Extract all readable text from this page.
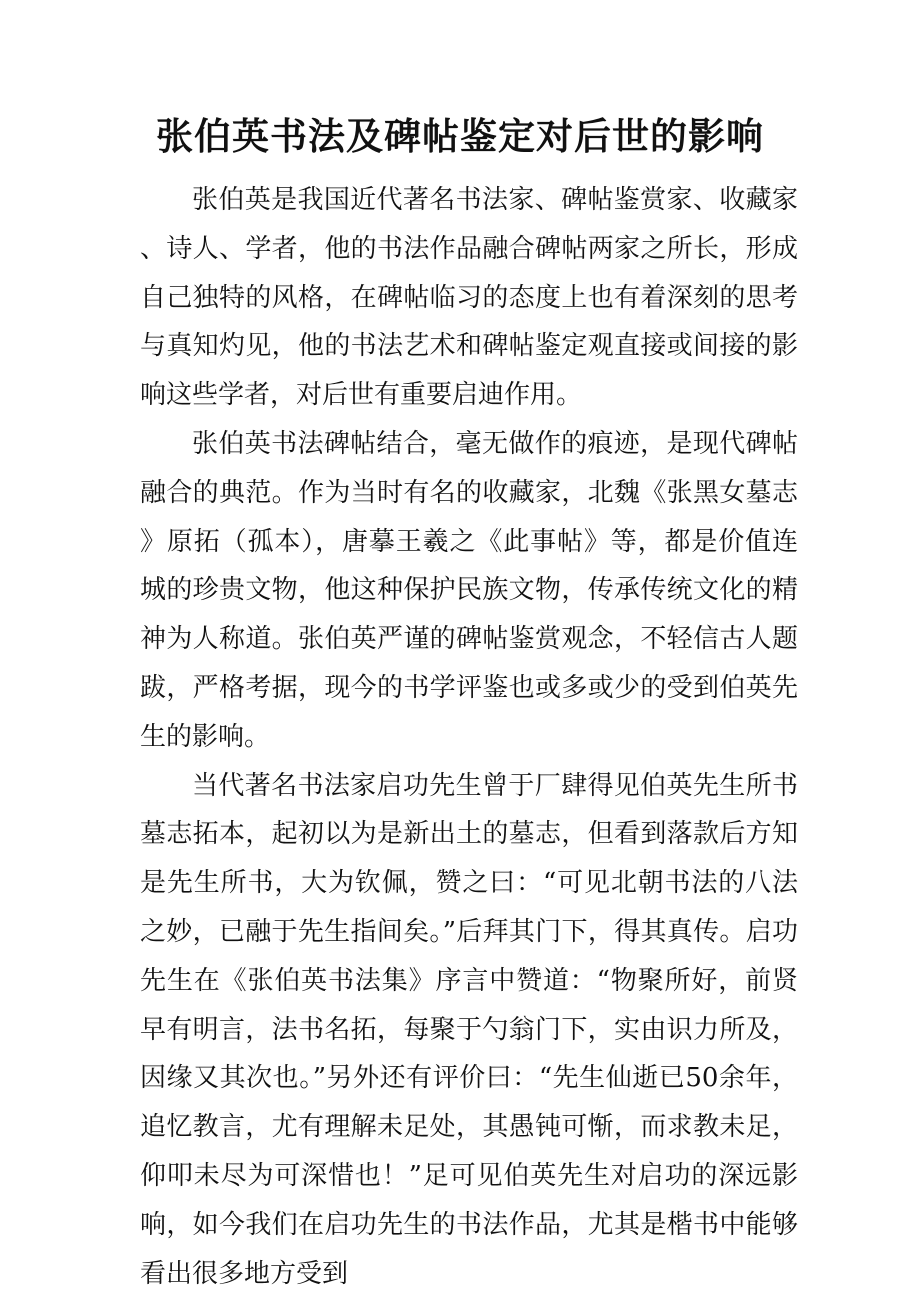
张伯英书法及碑帖鉴定对后世的影响

张伯英是我国近代著名书法家、碑帖鉴赏家、收藏家、诗人、学者，他的书法作品融合碑帖两家之所长，形成自己独特的风格，在碑帖临习的态度上也有着深刻的思考与真知灼见，他的书法艺术和碑帖鉴定观直接或间接的影响这些学者，对后世有重要启迪作用。

张伯英书法碑帖结合，毫无做作的痕迹，是现代碑帖融合的典范。作为当时有名的收藏家，北魏《张黑女墓志》原拓（孤本），唐摹王羲之《此事帖》等，都是价值连城的珍贵文物，他这种保护民族文物，传承传统文化的精神为人称道。张伯英严谨的碑帖鉴赏观念，不轻信古人题跋，严格考据，现今的书学评鉴也或多或少的受到伯英先生的影响。

当代著名书法家启功先生曾于厂肆得见伯英先生所书墓志拓本，起初以为是新出土的墓志，但看到落款后方知是先生所书，大为钦佩，赞之曰：“可见北朝书法的八法之妙，已融于先生指间矣。”后拜其门下，得其真传。启功先生在《张伯英书法集》序言中赞道：“物聚所好，前贤早有明言，法书名拓，每聚于勺翁门下，实由识力所及，因缘又其次也。”另外还有评价曰：“先生仙逝已50余年，追忆教言，尤有理解未足处，其愚钝可惭，而求教未足，仰叩未尽为可深惜也！”足可见伯英先生对启功的深远影响，如今我们在启功先生的书法作品，尤其是楷书中能够看出很多地方受到
